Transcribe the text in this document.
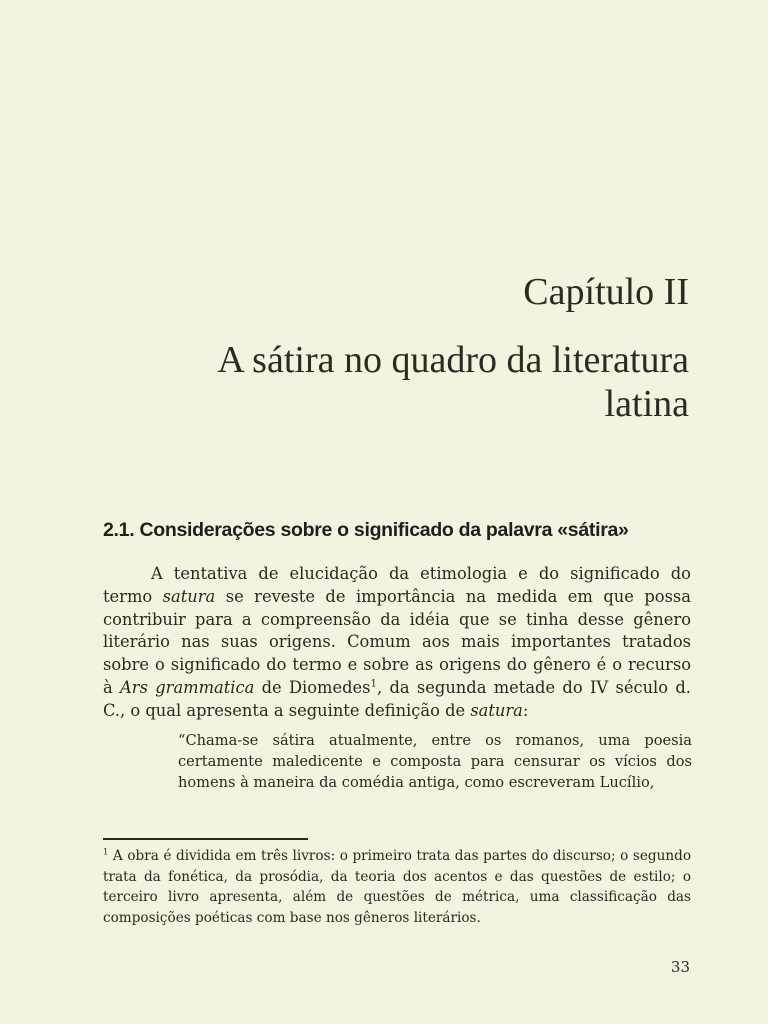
Capítulo II
A sátira no quadro da literatura latina
2.1. Considerações sobre o significado da palavra «sátira»

A tentativa de elucidação da etimologia e do significado do termo satura se reveste de importância na medida em que possa contribuir para a compreensão da idéia que se tinha desse gênero literário nas suas origens. Comum aos mais importantes tratados sobre o significado do termo e sobre as origens do gênero é o recurso à Ars grammatica de Diomedes$^1$, da segunda metade do IV século d. C., o qual apresenta a seguinte definição de satura:

“Chama-se sátira atualmente, entre os romanos, uma poesia certamente maledicente e composta para censurar os vícios dos homens à maneira da comédia antiga, como escreveram Lucílio,

$^1$ A obra é dividida em três livros: o primeiro trata das partes do discurso; o segundo trata da fonética, da prosódia, da teoria dos acentos e das questões de estilo; o terceiro livro apresenta, além de questões de métrica, uma classificação das composições poéticas com base nos gêneros literários.

33
